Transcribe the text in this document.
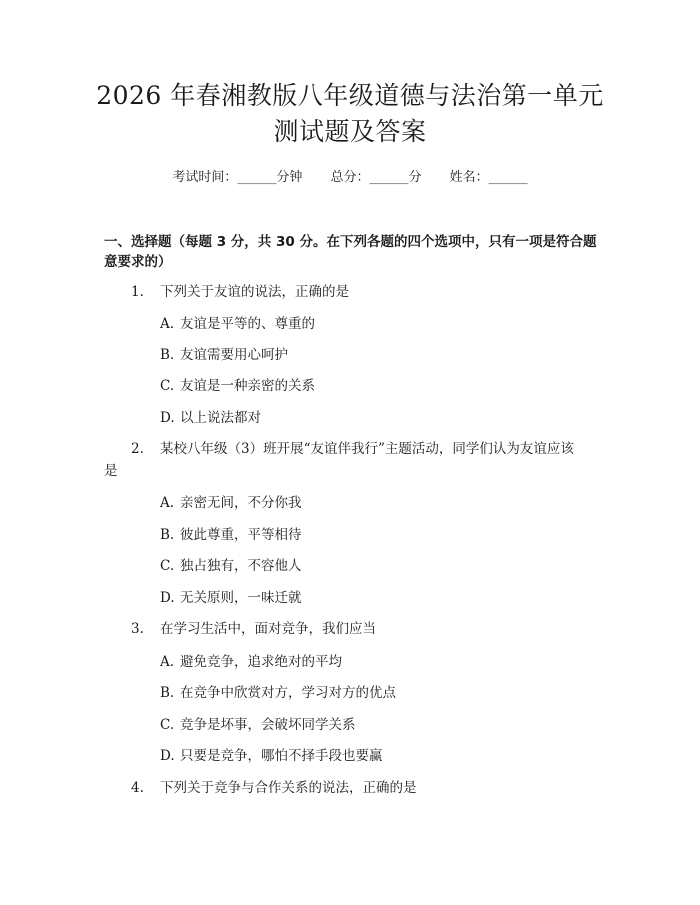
2026 年春湘教版八年级道德与法治第一单元
测试题及答案
考试时间：______分钟 总分：______分 姓名：______
一、选择题（每题 3 分，共 30 分。在下列各题的四个选项中，只有一项是符合题意要求的）
1.	下列关于友谊的说法，正确的是
A. 友谊是平等的、尊重的
B. 友谊需要用心呵护
C. 友谊是一种亲密的关系
D. 以上说法都对
2.	某校八年级（3）班开展“友谊伴我行”主题活动，同学们认为友谊应该
是
A. 亲密无间，不分你我
B. 彼此尊重，平等相待
C. 独占独有，不容他人
D. 无关原则，一味迁就
3.	在学习生活中，面对竞争，我们应当
A. 避免竞争，追求绝对的平均
B. 在竞争中欣赏对方，学习对方的优点
C. 竞争是坏事，会破坏同学关系
D. 只要是竞争，哪怕不择手段也要赢
4.	下列关于竞争与合作关系的说法，正确的是
